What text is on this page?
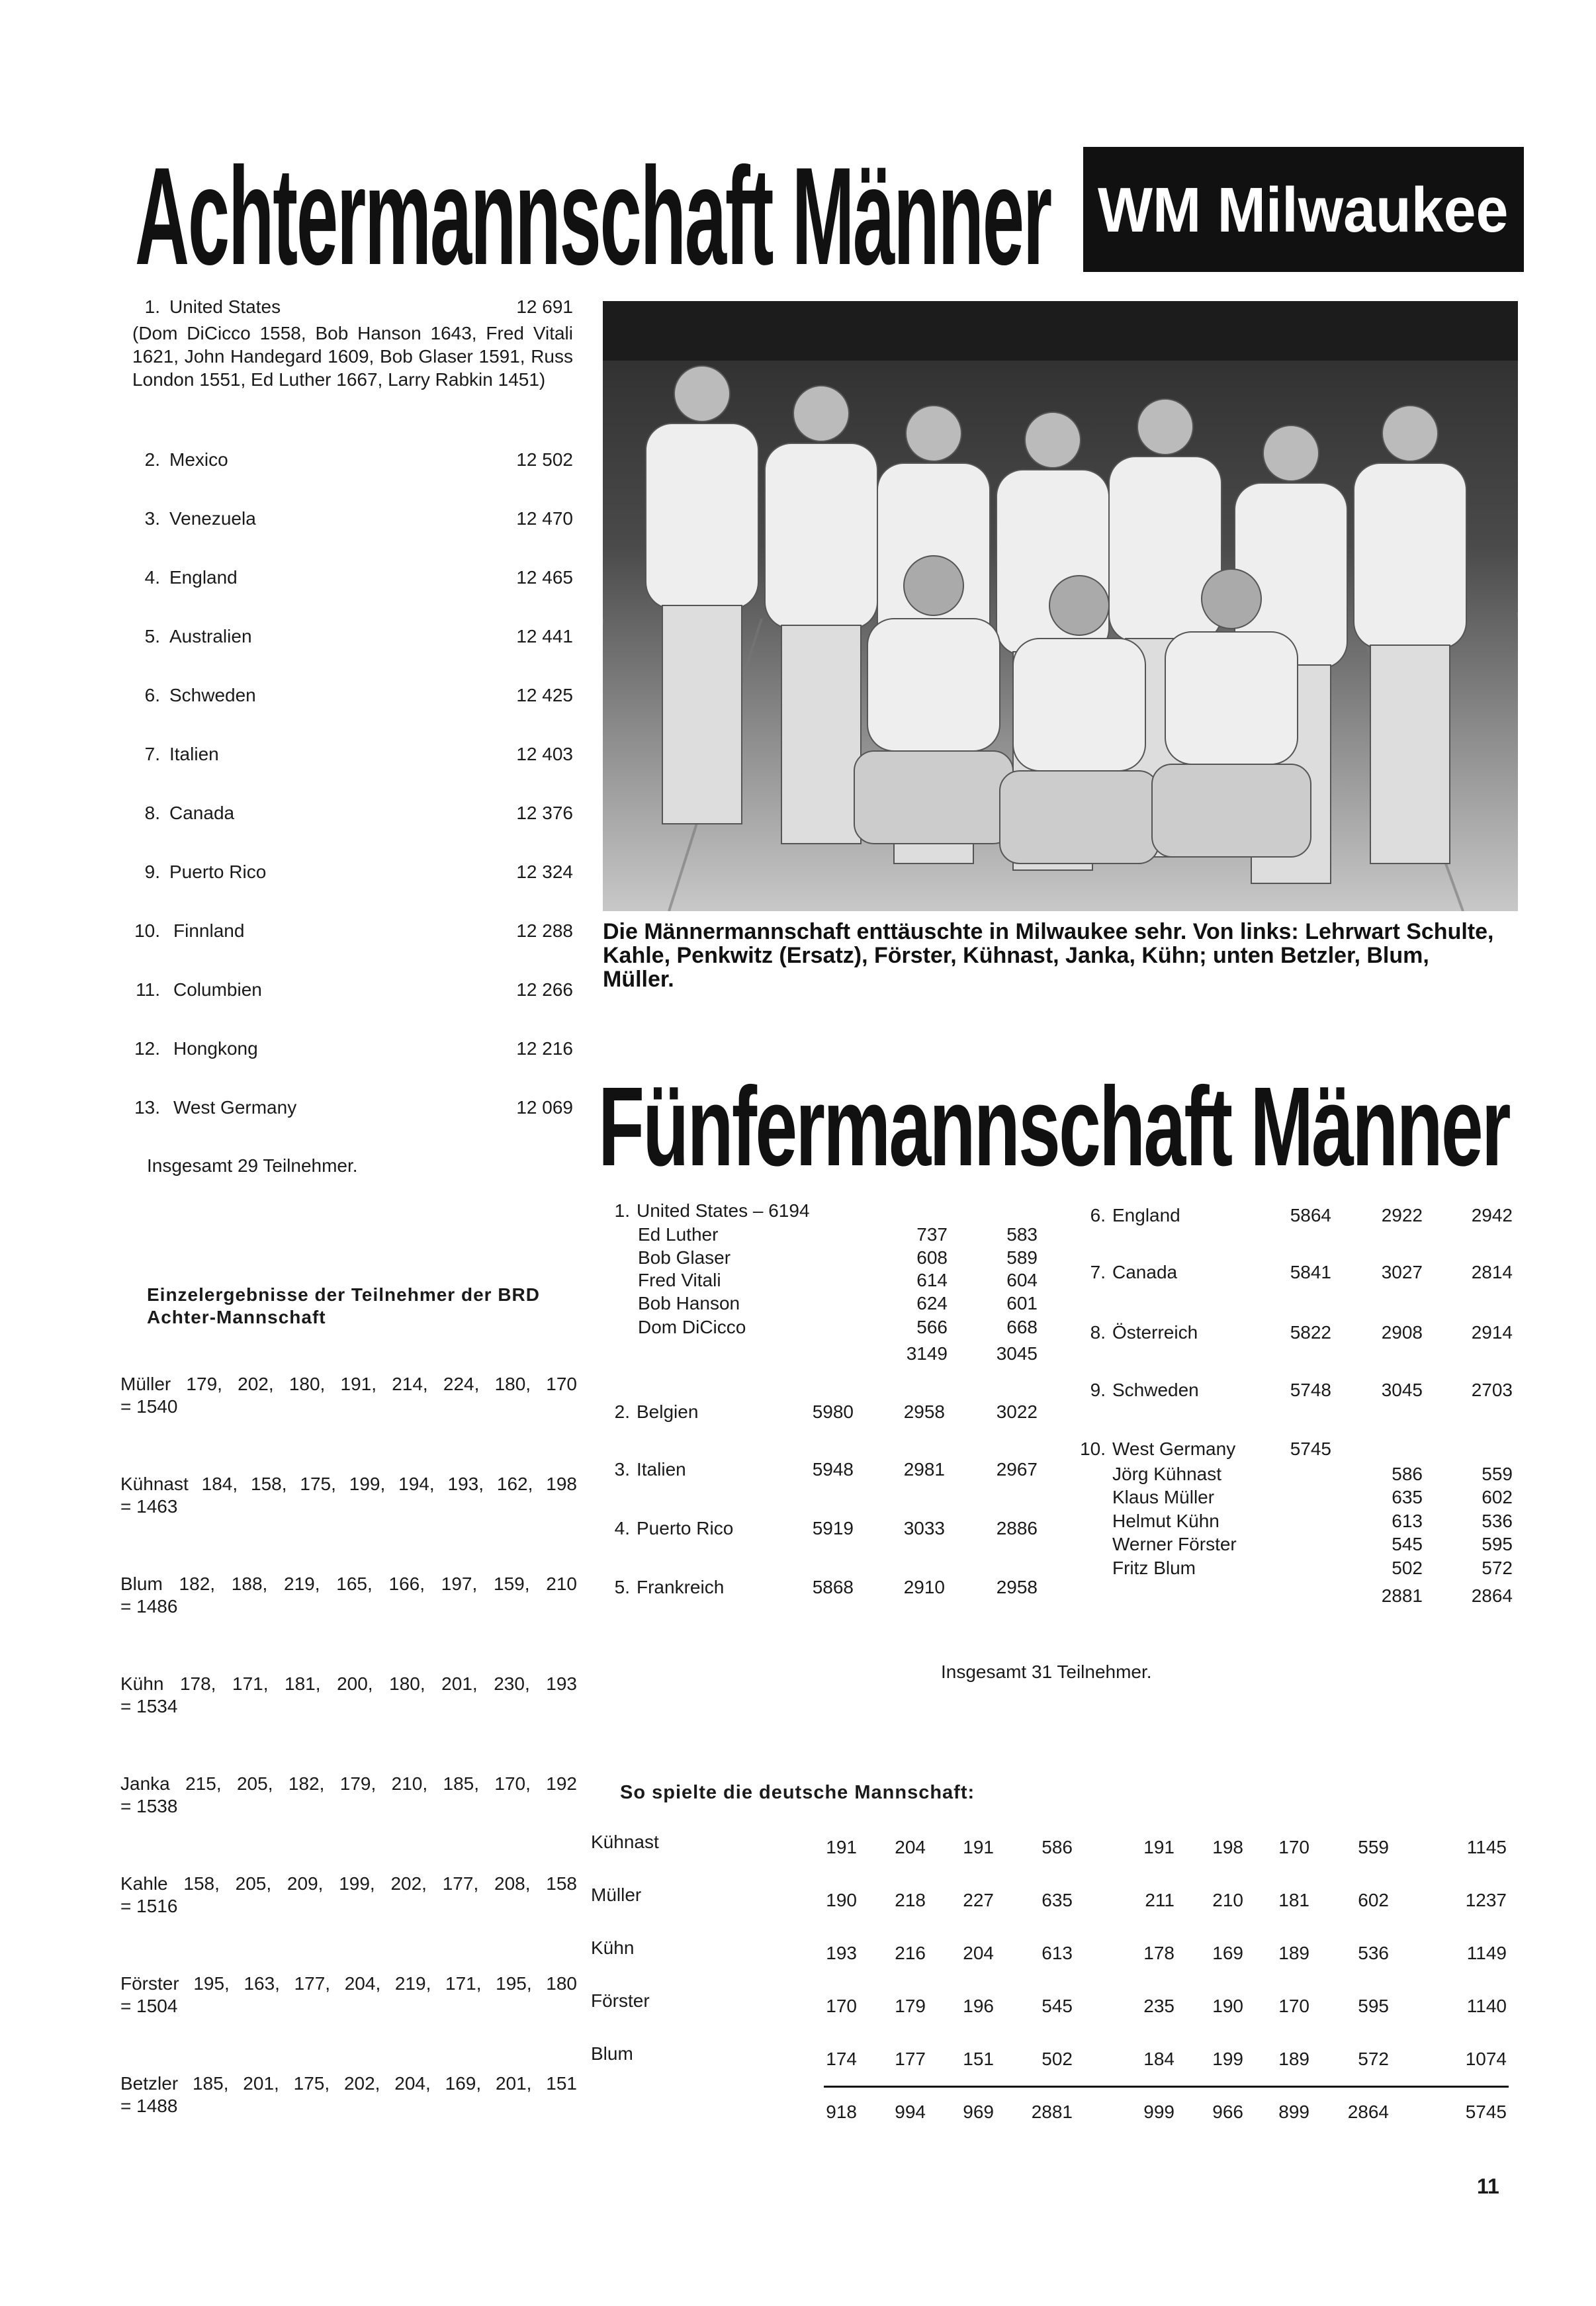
Achtermannschaft Männer WM Milwaukee
1. United States	12 691
2. Mexico	12 502
3. Venezuela	12 470
4. England	12 465
5. Australien	12 441
6. Schweden	12 425
7. Italien	12 403
8. Canada	12 376
9. Puerto Rico	12 324
10. Finnland	12 288
11. Columbien	12 266
12. Hongkong	12 216
13. West Germany	12 069
(Dom DiCicco 1558, Bob Hanson 1643, Fred Vitali 1621, John Handegard 1609, Bob Glaser 1591, Russ London 1551, Ed Luther 1667, Larry Rabkin 1451)
Insgesamt 29 Teilnehmer.
Einzelergebnisse der Teilnehmer der BRD
Achter-Mannschaft
Müller 179, 202, 180, 191, 214, 224, 180, 170
= 1540
Kühnast 184, 158, 175, 199, 194, 193, 162, 198
= 1463
Blum 182, 188, 219, 165, 166, 197, 159, 210
= 1486
Kühn 178, 171, 181, 200, 180, 201, 230, 193
= 1534
Janka 215, 205, 182, 179, 210, 185, 170, 192
= 1538
Kahle 158, 205, 209, 199, 202, 177, 208, 158
= 1516
Förster 195, 163, 177, 204, 219, 171, 195, 180
= 1504
Betzler 185, 201, 175, 202, 204, 169, 201, 151
= 1488
Die Männermannschaft enttäuschte in Milwaukee sehr. Von links: Lehrwart Schulte, Kahle, Penkwitz (Ersatz), Förster, Kühnast, Janka, Kühn; unten Betzler, Blum, Müller.
Fünfermannschaft Männer
1. United States – 6194
Ed Luther	737	583
Bob Glaser	608	589
Fred Vitali	614	604
Bob Hanson	624	601
Dom DiCicco	566	668
3149	3045
2. Belgien	5980	2958	3022
3. Italien	5948	2981	2967
4. Puerto Rico	5919	3033	2886
5. Frankreich	5868	2910	2958
6. England	5864	2922	2942
7. Canada	5841	3027	2814
8. Österreich	5822	2908	2914
9. Schweden	5748	3045	2703
10. West Germany	5745
Jörg Kühnast	586	559
Klaus Müller	635	602
Helmut Kühn	613	536
Werner Förster	545	595
Fritz Blum	502	572
2881	2864
Insgesamt 31 Teilnehmer.
So spielte die deutsche Mannschaft:
Kühnast	191	204	191	586	191	198	170	559	1145
Müller	190	218	227	635	211	210	181	602	1237
Kühn	193	216	204	613	178	169	189	536	1149
Förster	170	179	196	545	235	190	170	595	1140
Blum	174	177	151	502	184	199	189	572	1074
918	994	969	2881	999	966	899	2864	5745
11
